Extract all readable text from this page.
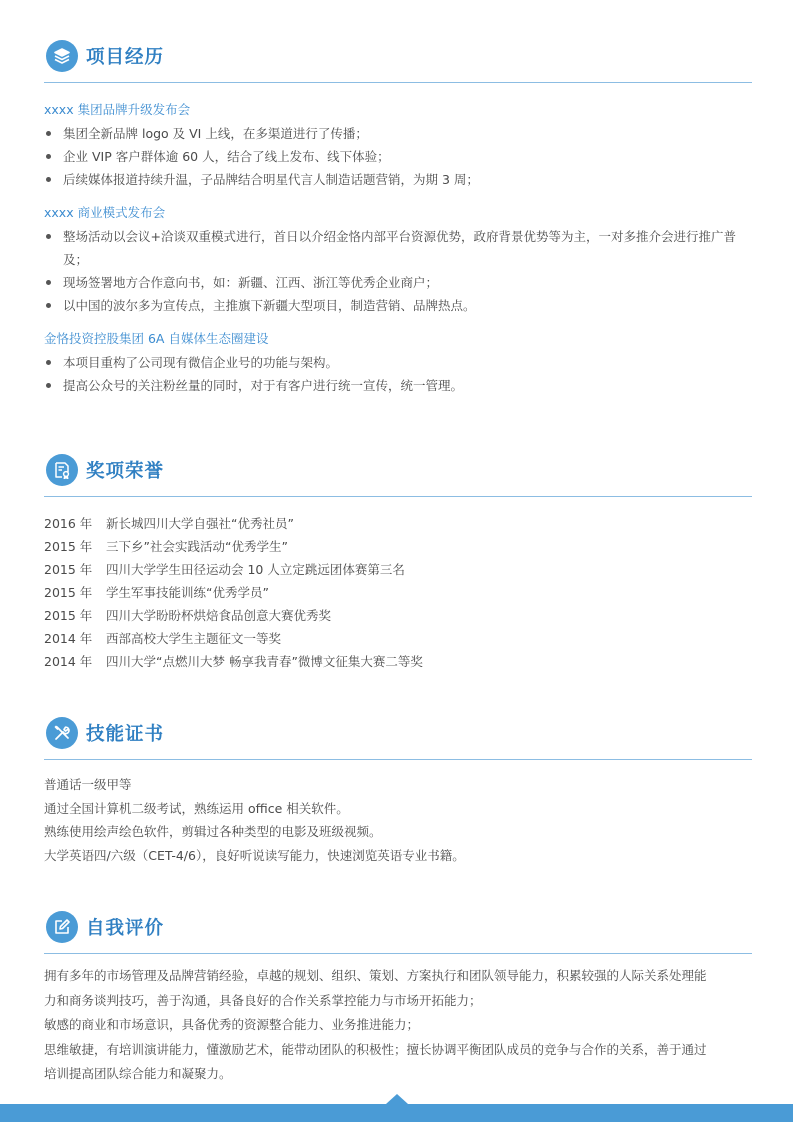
项目经历
xxxx 集团品牌升级发布会
集团全新品牌 logo 及 VI 上线，在多渠道进行了传播；
企业 VIP 客户群体逾 60 人，结合了线上发布、线下体验；
后续媒体报道持续升温，子品牌结合明星代言人制造话题营销，为期 3 周；
xxxx 商业模式发布会
整场活动以会议+洽谈双重模式进行，首日以介绍金恪内部平台资源优势，政府背景优势等为主，一对多推介会进行推广普及；
现场签署地方合作意向书，如：新疆、江西、浙江等优秀企业商户；
以中国的波尔多为宣传点，主推旗下新疆大型项目，制造营销、品牌热点。
金恪投资控股集团 6A 自媒体生态圈建设
本项目重构了公司现有微信企业号的功能与架构。
提高公众号的关注粉丝量的同时，对于有客户进行统一宣传，统一管理。
奖项荣誉
2016 年 新长城四川大学自强社“优秀社员”
2015 年 三下乡”社会实践活动“优秀学生”
2015 年 四川大学学生田径运动会 10 人立定跳远团体赛第三名
2015 年 学生军事技能训练“优秀学员”
2015 年 四川大学盼盼杯烘焙食品创意大赛优秀奖
2014 年 西部高校大学生主题征文一等奖
2014 年 四川大学“点燃川大梦 畅享我青春”微博文征集大赛二等奖
技能证书
普通话一级甲等
通过全国计算机二级考试，熟练运用 office 相关软件。
熟练使用绘声绘色软件，剪辑过各种类型的电影及班级视频。
大学英语四/六级（CET-4/6），良好听说读写能力，快速浏览英语专业书籍。
自我评价
拥有多年的市场管理及品牌营销经验，卓越的规划、组织、策划、方案执行和团队领导能力，积累较强的人际关系处理能
力和商务谈判技巧，善于沟通，具备良好的合作关系掌控能力与市场开拓能力；
敏感的商业和市场意识，具备优秀的资源整合能力、业务推进能力；
思维敏捷，有培训演讲能力，懂激励艺术，能带动团队的积极性；擅长协调平衡团队成员的竞争与合作的关系，善于通过
培训提高团队综合能力和凝聚力。
